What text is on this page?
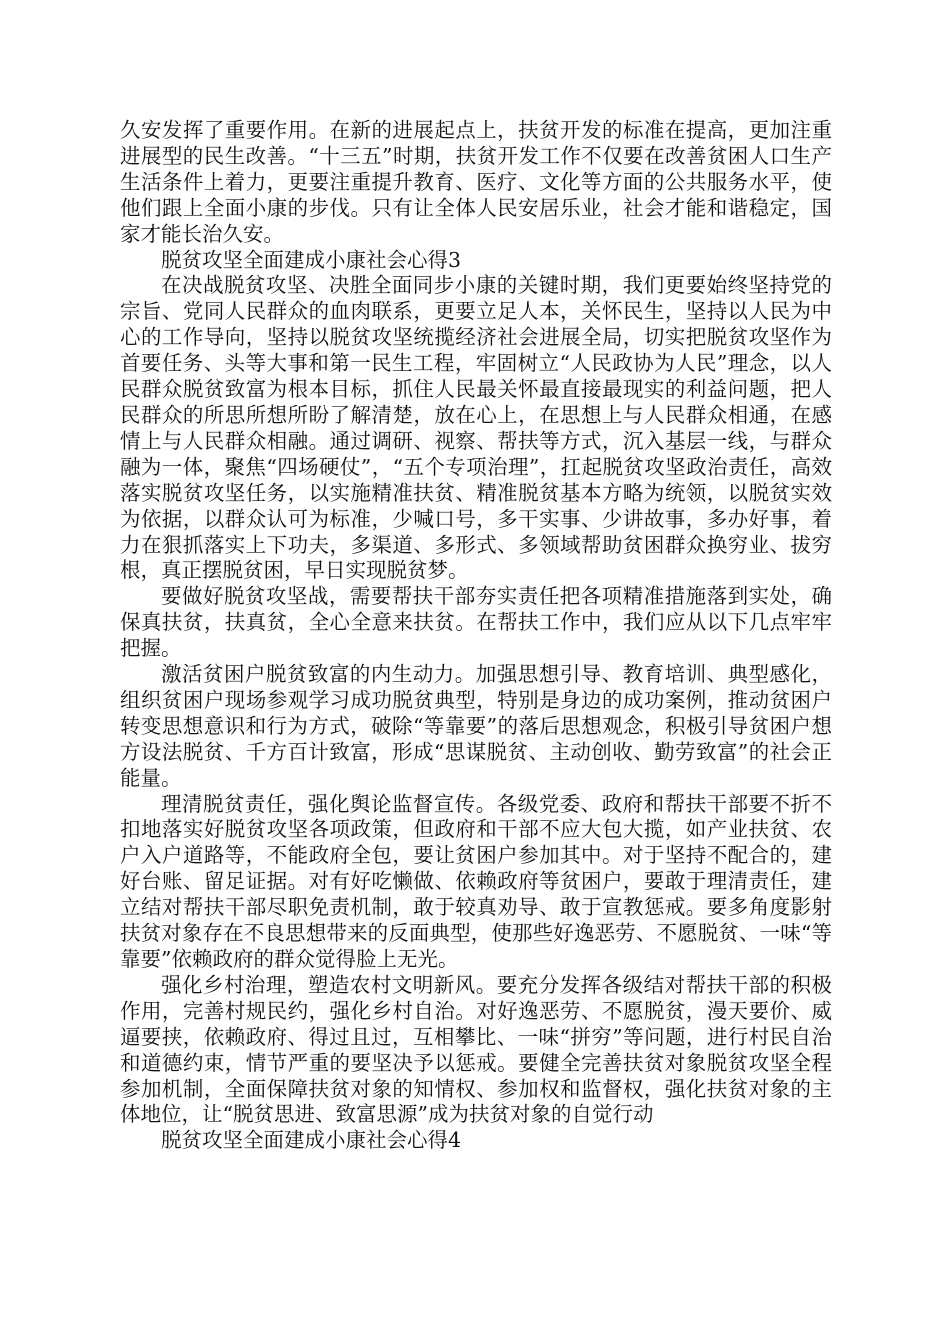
久安发挥了重要作用。在新的进展起点上，扶贫开发的标准在提高，更加注重进展型的民生改善。“十三五”时期，扶贫开发工作不仅要在改善贫困人口生产生活条件上着力，更要注重提升教育、医疗、文化等方面的公共服务水平，使他们跟上全面小康的步伐。只有让全体人民安居乐业，社会才能和谐稳定，国家才能长治久安。

脱贫攻坚全面建成小康社会心得3

在决战脱贫攻坚、决胜全面同步小康的关键时期，我们更要始终坚持党的宗旨、党同人民群众的血肉联系，更要立足人本，关怀民生，坚持以人民为中心的工作导向，坚持以脱贫攻坚统揽经济社会进展全局，切实把脱贫攻坚作为首要任务、头等大事和第一民生工程，牢固树立“人民政协为人民”理念，以人民群众脱贫致富为根本目标，抓住人民最关怀最直接最现实的利益问题，把人民群众的所思所想所盼了解清楚，放在心上，在思想上与人民群众相通，在感情上与人民群众相融。通过调研、视察、帮扶等方式，沉入基层一线，与群众融为一体，聚焦“四场硬仗”，“五个专项治理”，扛起脱贫攻坚政治责任，高效落实脱贫攻坚任务，以实施精准扶贫、精准脱贫基本方略为统领，以脱贫实效为依据，以群众认可为标准，少喊口号，多干实事、少讲故事，多办好事，着力在狠抓落实上下功夫，多渠道、多形式、多领域帮助贫困群众换穷业、拔穷根，真正摆脱贫困，早日实现脱贫梦。

要做好脱贫攻坚战，需要帮扶干部夯实责任把各项精准措施落到实处，确保真扶贫，扶真贫，全心全意来扶贫。在帮扶工作中，我们应从以下几点牢牢把握。

激活贫困户脱贫致富的内生动力。加强思想引导、教育培训、典型感化，组织贫困户现场参观学习成功脱贫典型，特别是身边的成功案例，推动贫困户转变思想意识和行为方式，破除“等靠要”的落后思想观念，积极引导贫困户想方设法脱贫、千方百计致富，形成“思谋脱贫、主动创收、勤劳致富”的社会正能量。

理清脱贫责任，强化舆论监督宣传。各级党委、政府和帮扶干部要不折不扣地落实好脱贫攻坚各项政策，但政府和干部不应大包大揽，如产业扶贫、农户入户道路等，不能政府全包，要让贫困户参加其中。对于坚持不配合的，建好台账、留足证据。对有好吃懒做、依赖政府等贫困户，要敢于理清责任，建立结对帮扶干部尽职免责机制，敢于较真劝导、敢于宣教惩戒。要多角度影射扶贫对象存在不良思想带来的反面典型，使那些好逸恶劳、不愿脱贫、一味“等靠要”依赖政府的群众觉得脸上无光。

强化乡村治理，塑造农村文明新风。要充分发挥各级结对帮扶干部的积极作用，完善村规民约，强化乡村自治。对好逸恶劳、不愿脱贫，漫天要价、威逼要挟，依赖政府、得过且过，互相攀比、一味“拼穷”等问题，进行村民自治和道德约束，情节严重的要坚决予以惩戒。要健全完善扶贫对象脱贫攻坚全程参加机制，全面保障扶贫对象的知情权、参加权和监督权，强化扶贫对象的主体地位，让“脱贫思进、致富思源”成为扶贫对象的自觉行动

脱贫攻坚全面建成小康社会心得4
